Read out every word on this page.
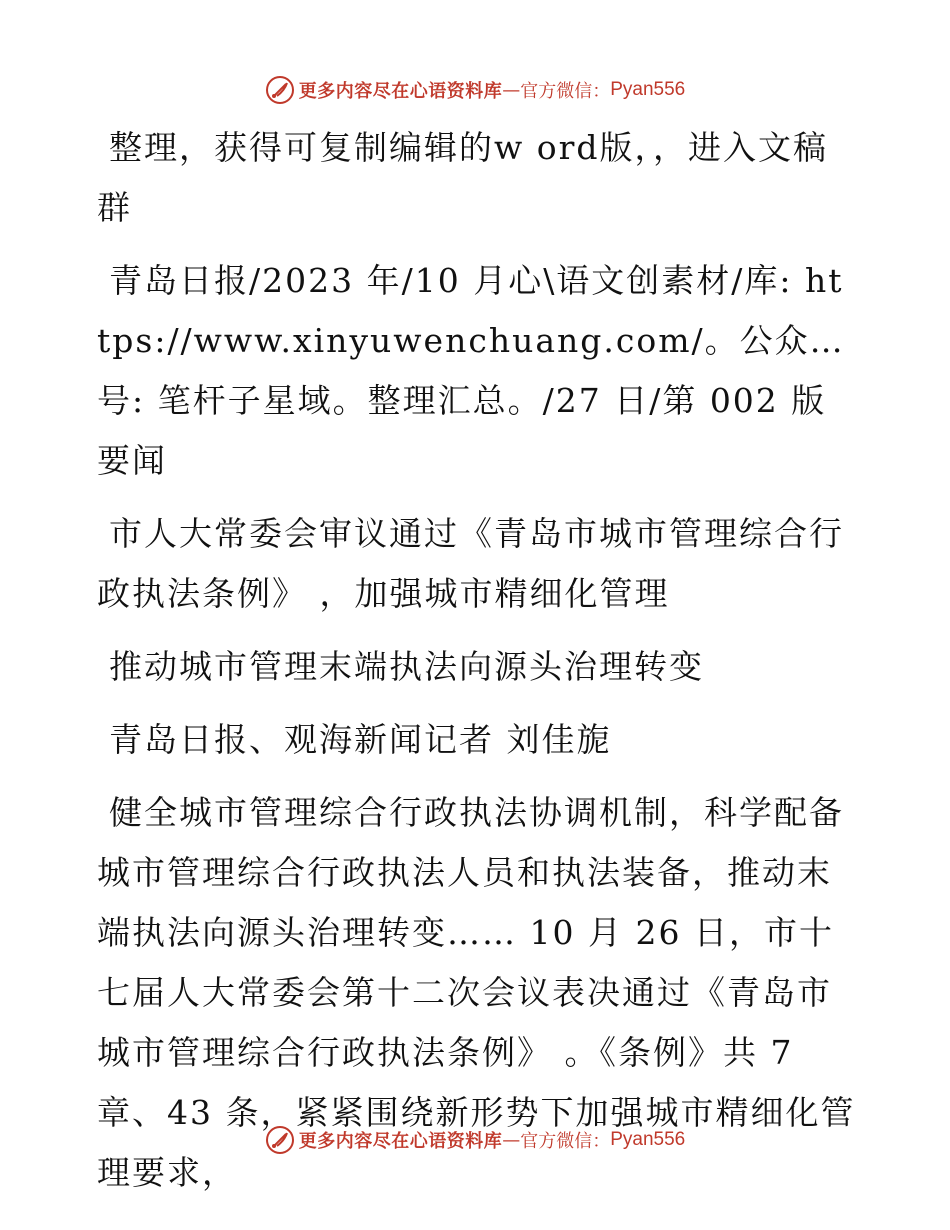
更多内容尽在心语资料库 — 官方微信： Pyan556

整理，获得可复制编辑的w ord版，，进入文稿群

青岛日报/2023 年/10 月心\语文创素材/库: https://www.xinyuwenchuang.com/。公众…号: 笔杆子星域。整理汇总。/27 日/第 002 版要闻

市人大常委会审议通过《青岛市城市管理综合行政执法条例》 ，加强城市精细化管理

推动城市管理末端执法向源头治理转变

青岛日报、观海新闻记者 刘佳旎

健全城市管理综合行政执法协调机制，科学配备城市管理综合行政执法人员和执法装备，推动末端执法向源头治理转变…… 10 月 26 日，市十七届人大常委会第十二次会议表决通过《青岛市城市管理综合行政执法条例》 。《条例》共 7 章、43 条，紧紧围绕新形势下加强城市精细化管理要求，

更多内容尽在心语资料库 — 官方微信： Pyan556
